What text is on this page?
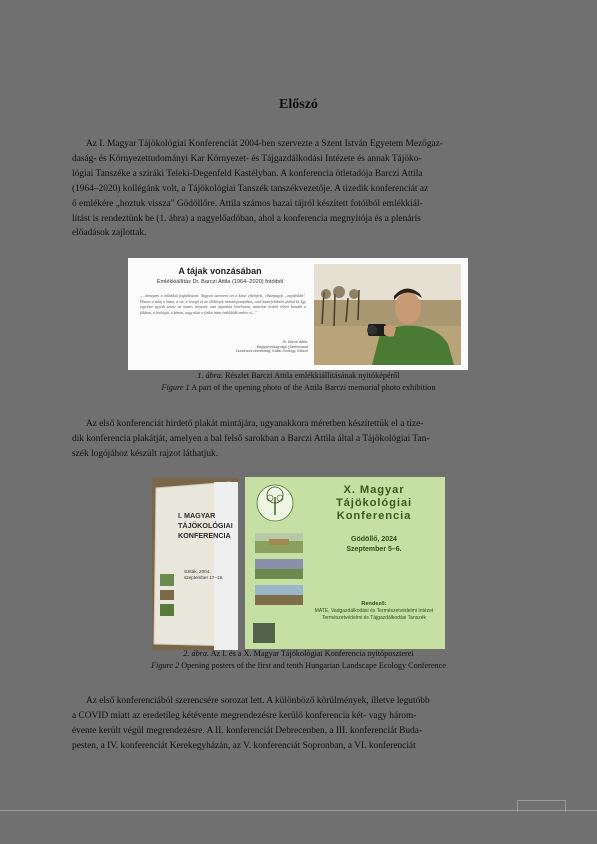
Előszó

Az I. Magyar Tájökológiai Konferenciát 2004-ben szervezte a Szent István Egyetem Mezőgaz-
daság- és Környezettudományi Kar Környezet- és Tájgazdálkodási Intézete és annak Tájöko-
lógiai Tanszéke a sziráki Teleki-Degenfeld Kastélyban. A konferencia ötletadója Barczi Attila
(1964–2020) kollégánk volt, a Tájökológiai Tanszék tanszékvezetője. A tizedik konferenciát az
ő emlékére „hoztuk vissza" Gödöllőre. Attila számos hazai tájról készített fotóiból emlékkiál-
lítást is rendeztünk be (1. ábra) a nagyelőadóban, ahol a konferencia megnyitója és a plenáris
előadások zajlottak.

A tájak vonzásában
Emlékkiállítás Dr. Barczi Attila (1964–2020) fotóiból
„...tömegem a tollakkal foglalkozom. Nagyon szeretem ezt a kissé elfelejtett, elhanyagolt „anyaföldet". Hiszen a talaj a közet, a víz, a levegő és az élőlények metszéspontjában, ezek határfelületén alakul ki. Így egyrészt egyedi szinte az összes tényezőt, ami tájainkat létrehozza, másrészt kedvét leheti bennük a földtan, a biológia, a kémia, vagy akár a fizika iránt érdeklődő ember is..."
Dr. Barczi Attila:
Magyarország tájai (Szelsenand
Dundrácól-domboság, Kállai-Somogy, Előszó
1. ábra. Részlet Barczi Attila emlékkiállításának nyitóképéről
Figure 1 A part of the opening photo of the Attila Barczi memorial photo exhibition

Az első konferenciát hirdető plakát mintájára, ugyanakkora méretben készítettük el a tize-
dik konferencia plakátját, amelyen a bal felső sarokban a Barczi Attila által a Tájökológiai Tan-
szék logójához készült rajzot láthatjuk.

I. MAGYAR
TÁJÖKOLÓGIAI
KONFERENCIA
Sziták, 2004.
szeptember 17–19.
X. Magyar
Tájökológiai
Konferencia
Gödöllő, 2024
Szeptember 5–6.
Rendező:
MATE, Vadgazdálkodási és Természetvédelmi Intézet
Természetvédelmi és Tájgazdálkodási Tanszék
2. ábra. Az I. és a X. Magyar Tájökológiai Konferencia nyitóposzterei
Figure 2 Opening posters of the first and tenth Hungarian Landscape Ecology Conference

Az első konferenciából szerencsére sorozat lett. A különböző körülmények, illetve legutóbb
a COVID miatt az eredetileg kétévente megrendezésre kerülő konferencia két- vagy három-
évente került végül megrendezésre. A II. konferenciát Debrecenben, a III. konferenciát Buda-
pesten, a IV. konferenciát Kerekegyházán, az V. konferenciát Sopronban, a VI. konferenciát
